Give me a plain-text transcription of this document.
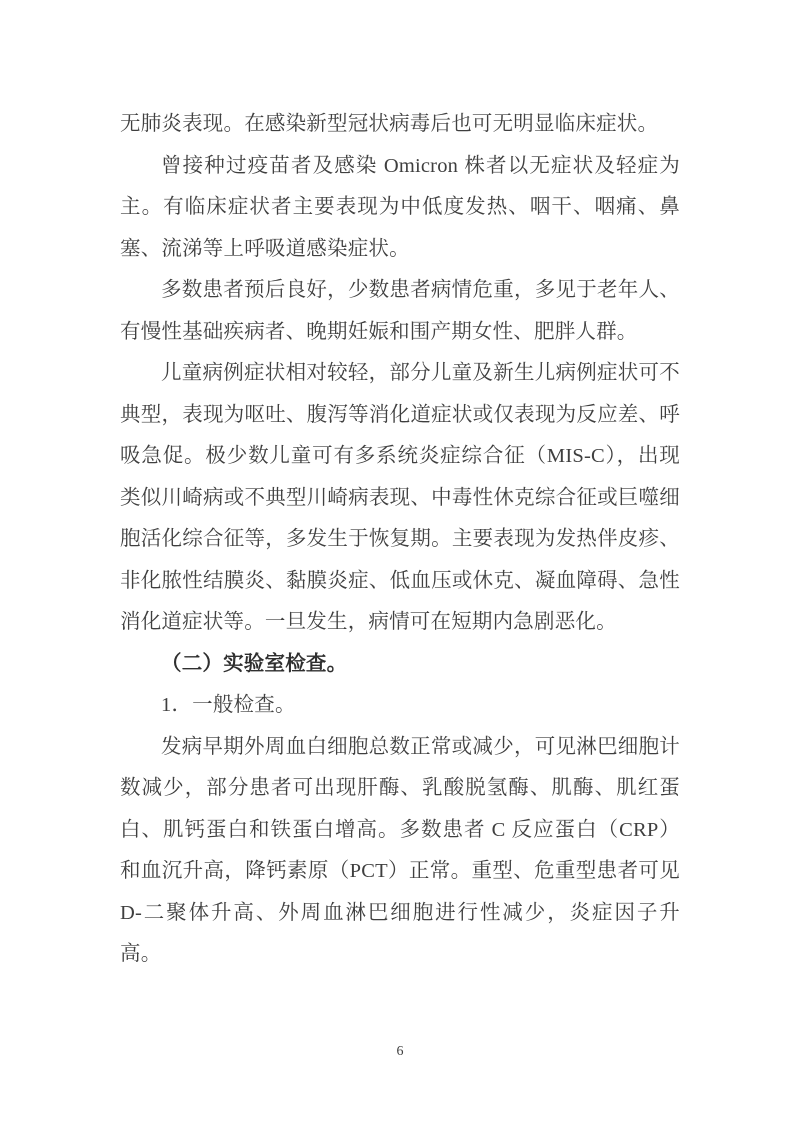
无肺炎表现。在感染新型冠状病毒后也可无明显临床症状。

曾接种过疫苗者及感染 Omicron 株者以无症状及轻症为主。有临床症状者主要表现为中低度发热、咽干、咽痛、鼻塞、流涕等上呼吸道感染症状。

多数患者预后良好，少数患者病情危重，多见于老年人、有慢性基础疾病者、晚期妊娠和围产期女性、肥胖人群。

儿童病例症状相对较轻，部分儿童及新生儿病例症状可不典型，表现为呕吐、腹泻等消化道症状或仅表现为反应差、呼吸急促。极少数儿童可有多系统炎症综合征（MIS-C），出现类似川崎病或不典型川崎病表现、中毒性休克综合征或巨噬细胞活化综合征等，多发生于恢复期。主要表现为发热伴皮疹、非化脓性结膜炎、黏膜炎症、低血压或休克、凝血障碍、急性消化道症状等。一旦发生，病情可在短期内急剧恶化。

（二）实验室检查。

1．一般检查。

发病早期外周血白细胞总数正常或减少，可见淋巴细胞计数减少，部分患者可出现肝酶、乳酸脱氢酶、肌酶、肌红蛋白、肌钙蛋白和铁蛋白增高。多数患者 C 反应蛋白（CRP）和血沉升高，降钙素原（PCT）正常。重型、危重型患者可见 D-二聚体升高、外周血淋巴细胞进行性减少，炎症因子升高。

6
